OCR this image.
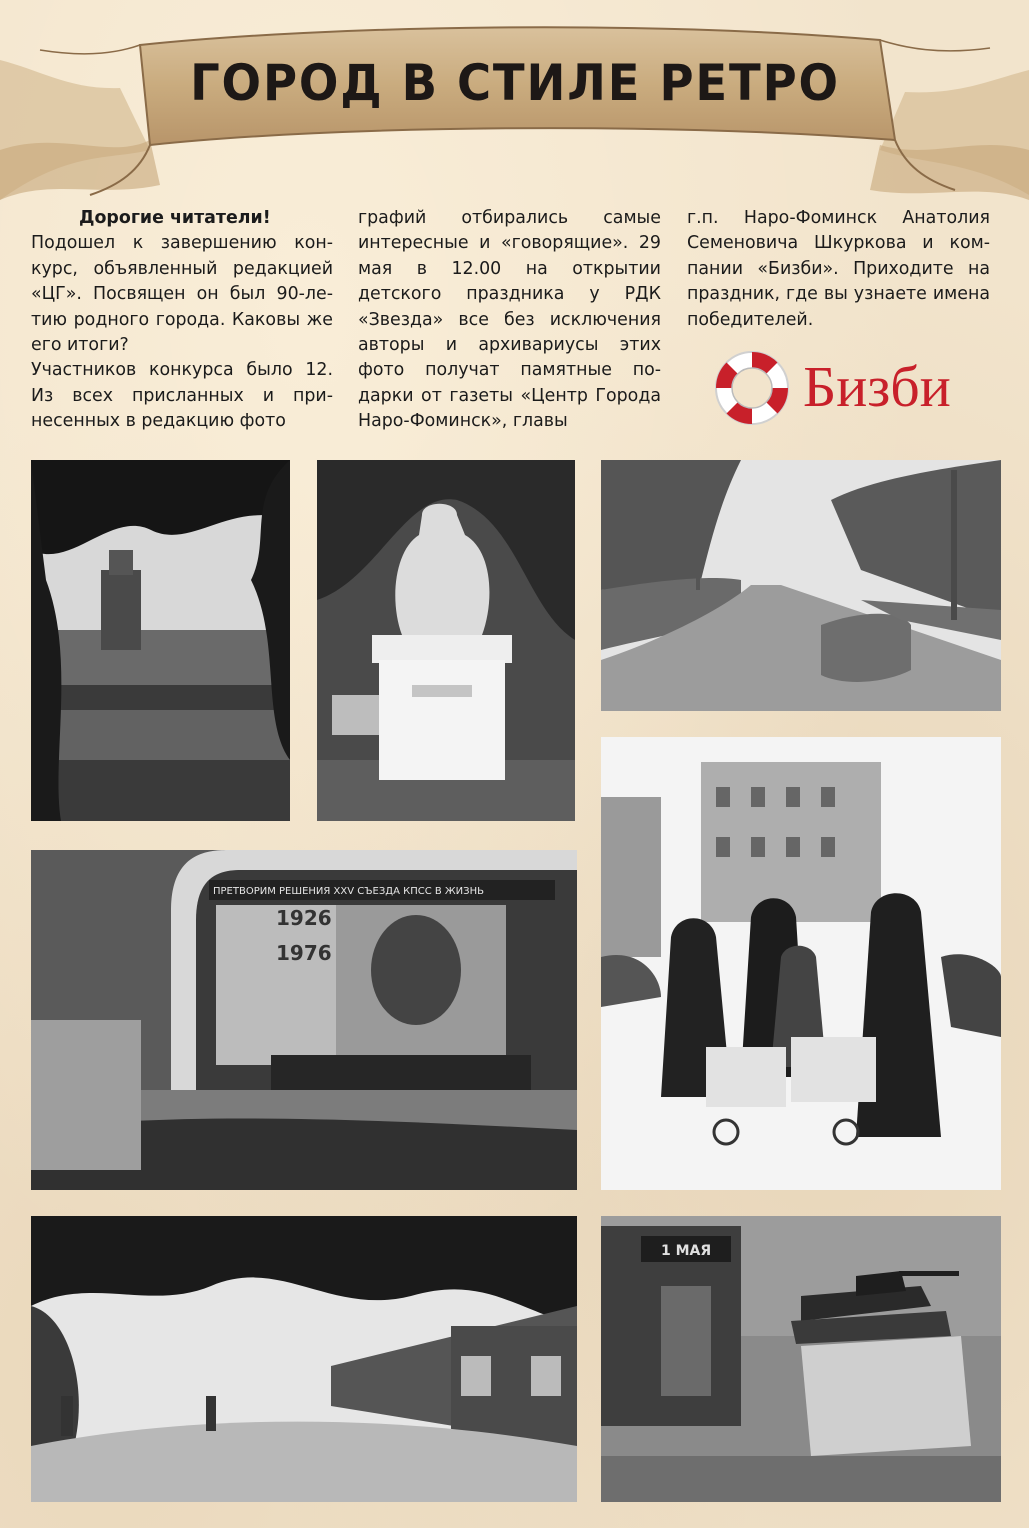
ГОРОД В СТИЛЕ РЕТРО

Дорогие читатели!

Подошел к завершению конкурс, объявленный редакцией «ЦГ». Посвящен он был 90-летию родного города. Каковы же его итоги?

Участников конкурса было 12. Из всех присланных и принесенных в редакцию фото

графий отбирались самые интересные и «говорящие». 29 мая в 12.00 на открытии детского праздника у РДК «Звезда» все без исключения авторы и архивариусы этих фото получат памятные подарки от газеты «Центр Города Наро-Фоминск», главы

г.п. Наро-Фоминск Анатолия Семеновича Шкуркова и компании «Бизби». Приходите на праздник, где вы узнаете имена победителей.

Бизби
ПРЕТВОРИМ РЕШЕНИЯ XXV СЪЕЗДА КПСС В ЖИЗНЬ
1926
1976
1 МАЯ
